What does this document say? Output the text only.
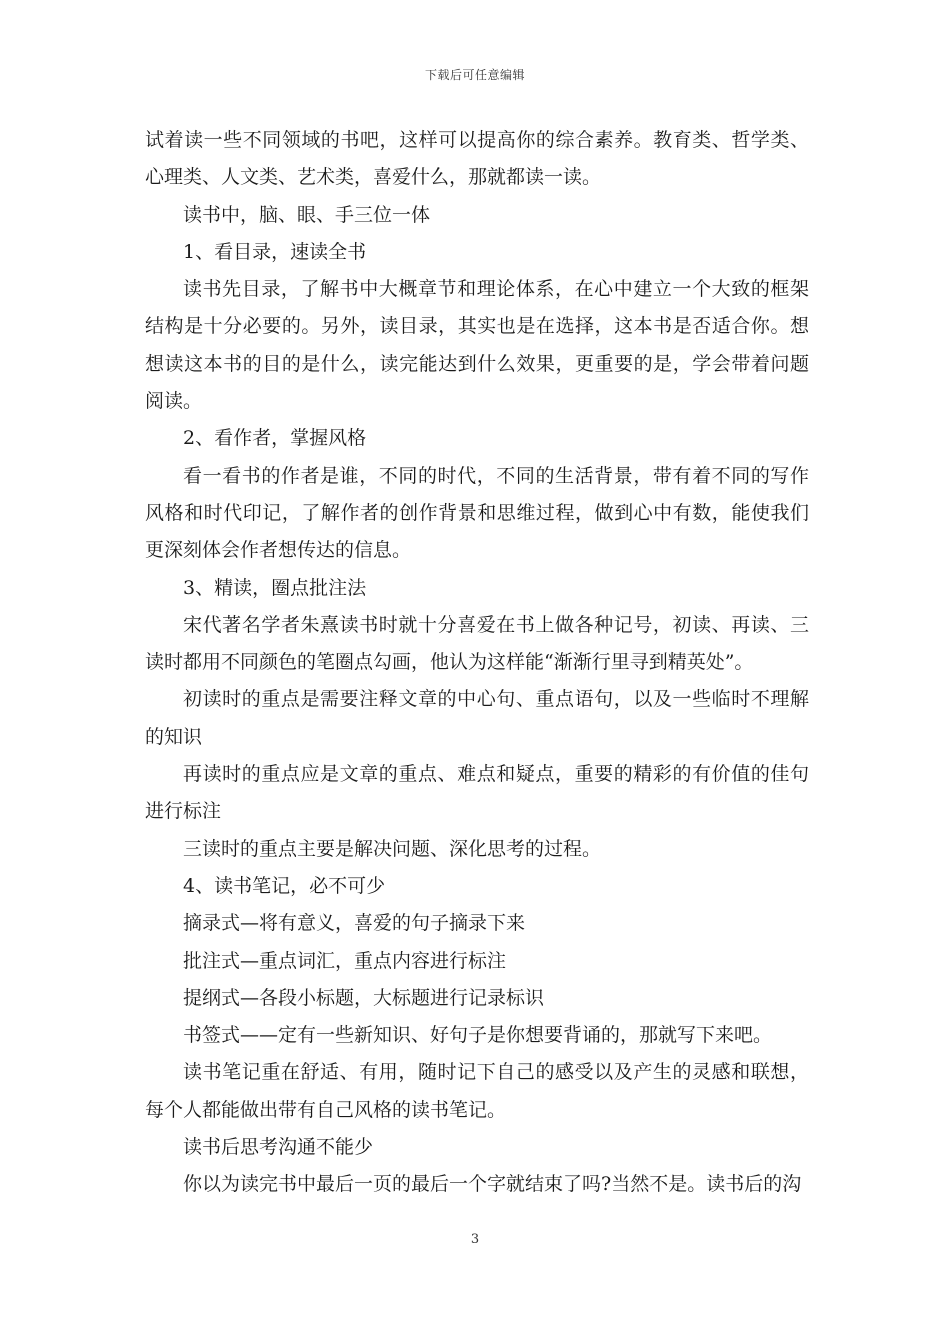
下载后可任意编辑

试着读一些不同领域的书吧，这样可以提高你的综合素养。教育类、哲学类、心理类、人文类、艺术类，喜爱什么，那就都读一读。

读书中，脑、眼、手三位一体

1、看目录，速读全书

读书先目录，了解书中大概章节和理论体系，在心中建立一个大致的框架结构是十分必要的。另外，读目录，其实也是在选择，这本书是否适合你。想想读这本书的目的是什么，读完能达到什么效果，更重要的是，学会带着问题阅读。

2、看作者，掌握风格

看一看书的作者是谁，不同的时代，不同的生活背景，带有着不同的写作风格和时代印记，了解作者的创作背景和思维过程，做到心中有数，能使我们更深刻体会作者想传达的信息。

3、精读，圈点批注法

宋代著名学者朱熹读书时就十分喜爱在书上做各种记号，初读、再读、三读时都用不同颜色的笔圈点勾画，他认为这样能“渐渐行里寻到精英处”。

初读时的重点是需要注释文章的中心句、重点语句，以及一些临时不理解的知识

再读时的重点应是文章的重点、难点和疑点，重要的精彩的有价值的佳句进行标注

三读时的重点主要是解决问题、深化思考的过程。

4、读书笔记，必不可少

摘录式—将有意义，喜爱的句子摘录下来

批注式—重点词汇，重点内容进行标注

提纲式—各段小标题，大标题进行记录标识

书签式——定有一些新知识、好句子是你想要背诵的，那就写下来吧。

读书笔记重在舒适、有用，随时记下自己的感受以及产生的灵感和联想，每个人都能做出带有自己风格的读书笔记。

读书后思考沟通不能少

你以为读完书中最后一页的最后一个字就结束了吗?当然不是。读书后的沟

3
